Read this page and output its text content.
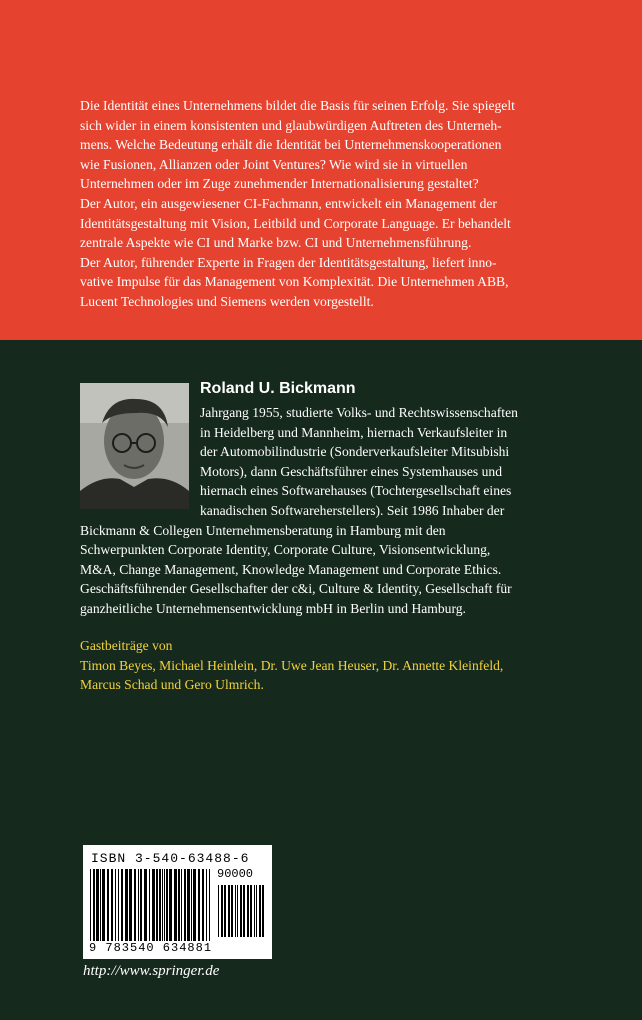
Die Identität eines Unternehmens bildet die Basis für seinen Erfolg. Sie spiegelt
sich wider in einem konsistenten und glaubwürdigen Auftreten des Unterneh-
mens. Welche Bedeutung erhält die Identität bei Unternehmenskooperationen
wie Fusionen, Allianzen oder Joint Ventures? Wie wird sie in virtuellen
Unternehmen oder im Zuge zunehmender Internationalisierung gestaltet?
Der Autor, ein ausgewiesener CI-Fachmann, entwickelt ein Management der
Identitätsgestaltung mit Vision, Leitbild und Corporate Language. Er behandelt
zentrale Aspekte wie CI und Marke bzw. CI und Unternehmensführung.
Der Autor, führender Experte in Fragen der Identitätsgestaltung, liefert inno-
vative Impulse für das Management von Komplexität. Die Unternehmen ABB,
Lucent Technologies und Siemens werden vorgestellt.

Roland U. Bickmann

Jahrgang 1955, studierte Volks- und Rechtswissenschaften
in Heidelberg und Mannheim, hiernach Verkaufsleiter in
der Automobilindustrie (Sonderverkaufsleiter Mitsubishi
Motors), dann Geschäftsführer eines Systemhauses und
hiernach eines Softwarehauses (Tochtergesellschaft eines
kanadischen Softwareherstellers). Seit 1986 Inhaber der
Bickmann & Collegen Unternehmensberatung in Hamburg mit den
Schwerpunkten Corporate Identity, Corporate Culture, Visionsentwicklung,
M&A, Change Management, Knowledge Management und Corporate Ethics.
Geschäftsführender Gesellschafter der c&i, Culture & Identity, Gesellschaft für
ganzheitliche Unternehmensentwicklung mbH in Berlin und Hamburg.

Gastbeiträge von
Timon Beyes, Michael Heinlein, Dr. Uwe Jean Heuser, Dr. Annette Kleinfeld,
Marcus Schad und Gero Ulmrich.

ISBN 3-540-63488-6
90000
9 783540 634881
http://www.springer.de
